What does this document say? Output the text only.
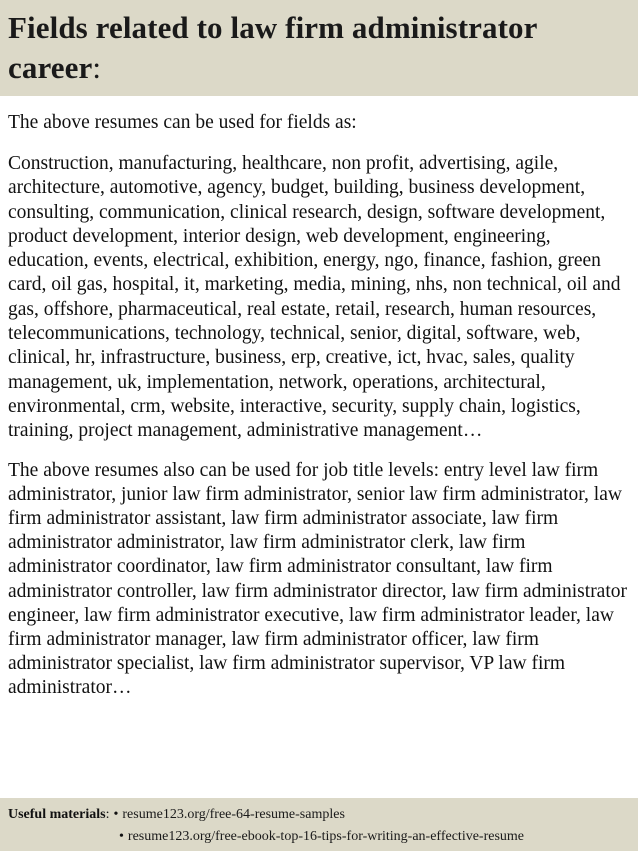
Fields related to law firm administrator career:

The above resumes can be used for fields as:

Construction, manufacturing, healthcare, non profit, advertising, agile, architecture, automotive, agency, budget, building, business development, consulting, communication, clinical research, design, software development, product development, interior design, web development, engineering, education, events, electrical, exhibition, energy, ngo, finance, fashion, green card, oil gas, hospital, it, marketing, media, mining, nhs, non technical, oil and gas, offshore, pharmaceutical, real estate, retail, research, human resources, telecommunications, technology, technical, senior, digital, software, web, clinical, hr, infrastructure, business, erp, creative, ict, hvac, sales, quality management, uk, implementation, network, operations, architectural, environmental, crm, website, interactive, security, supply chain, logistics, training, project management, administrative management…

The above resumes also can be used for job title levels: entry level law firm administrator, junior law firm administrator, senior law firm administrator, law firm administrator assistant, law firm administrator associate, law firm administrator administrator, law firm administrator clerk, law firm administrator coordinator, law firm administrator consultant, law firm administrator controller, law firm administrator director, law firm administrator engineer, law firm administrator executive, law firm administrator leader, law firm administrator manager, law firm administrator officer, law firm administrator specialist, law firm administrator supervisor, VP law firm administrator…

Useful materials : • resume123.org/free-64-resume-samples
• resume123.org/free-ebook-top-16-tips-for-writing-an-effective-resume
